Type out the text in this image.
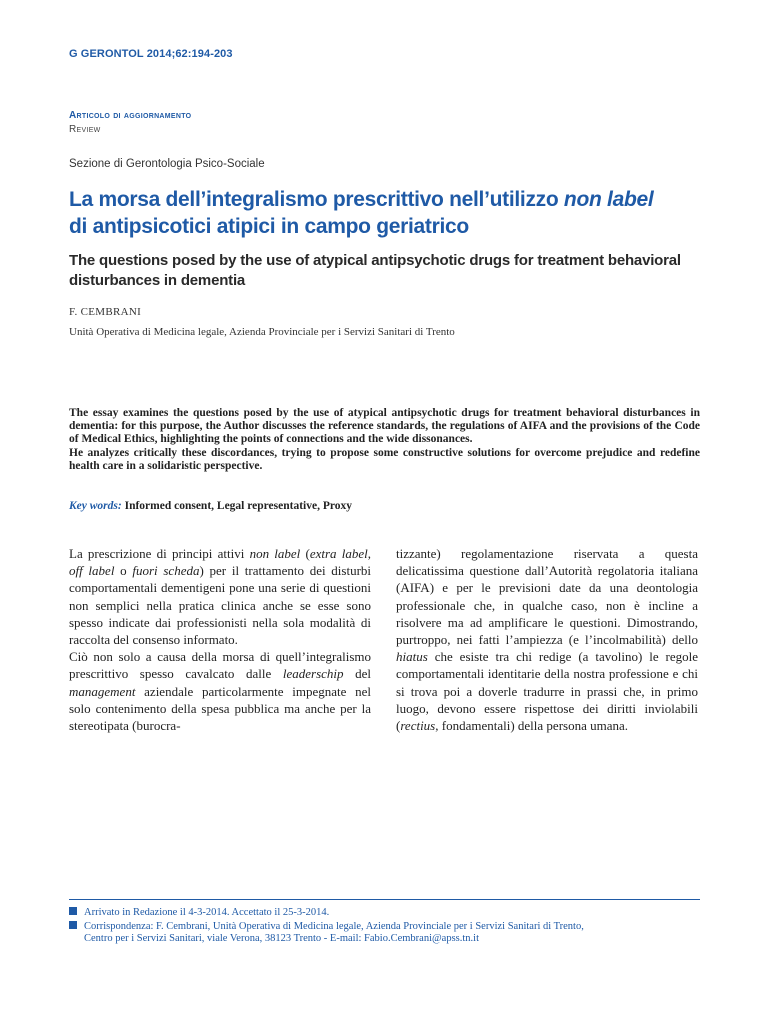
G GERONTOL 2014;62:194-203
Articolo di aggiornamento
Review
Sezione di Gerontologia Psico-Sociale
La morsa dell’integralismo prescrittivo nell’utilizzo non label
di antipsicotici atipici in campo geriatrico
The questions posed by the use of atypical antipsychotic drugs for treatment behavioral disturbances in dementia
F. CEMBRANI
Unità Operativa di Medicina legale, Azienda Provinciale per i Servizi Sanitari di Trento

The essay examines the questions posed by the use of atypical antipsychotic drugs for treatment behavioral disturbances in dementia: for this purpose, the Author discusses the reference standards, the regulations of AIFA and the provisions of the Code of Medical Ethics, highlighting the points of connections and the wide dissonances.

He analyzes critically these discordances, trying to propose some constructive solutions for overcome prejudice and redefine health care in a solidaristic perspective.

Key words: Informed consent, Legal representative, Proxy

La prescrizione di principi attivi non label (extra label, off label o fuori scheda) per il trattamento dei disturbi comportamentali dementigeni pone una serie di questioni non semplici nella pratica clinica anche se esse sono spesso indicate dai professionisti nella sola modalità di raccolta del consenso informato.

Ciò non solo a causa della morsa di quell’integralismo prescrittivo spesso cavalcato dalle leaderschip del management aziendale particolarmente impegnate nel solo contenimento della spesa pubblica ma anche per la stereotipata (burocra-

tizzante) regolamentazione riservata a questa delicatissima questione dall’Autorità regolatoria italiana (AIFA) e per le previsioni date da una deontologia professionale che, in qualche caso, non è incline a risolvere ma ad amplificare le questioni. Dimostrando, purtroppo, nei fatti l’ampiezza (e l’incolmabilità) dello hiatus che esiste tra chi redige (a tavolino) le regole comportamentali identitarie della nostra professione e chi si trova poi a doverle tradurre in prassi che, in primo luogo, devono essere rispettose dei diritti inviolabili (rectius, fondamentali) della persona umana.

Arrivato in Redazione il 4-3-2014. Accettato il 25-3-2014.
Corrispondenza: F. Cembrani, Unità Operativa di Medicina legale, Azienda Provinciale per i Servizi Sanitari di Trento,
Centro per i Servizi Sanitari, viale Verona, 38123 Trento - E-mail: Fabio.Cembrani@apss.tn.it
